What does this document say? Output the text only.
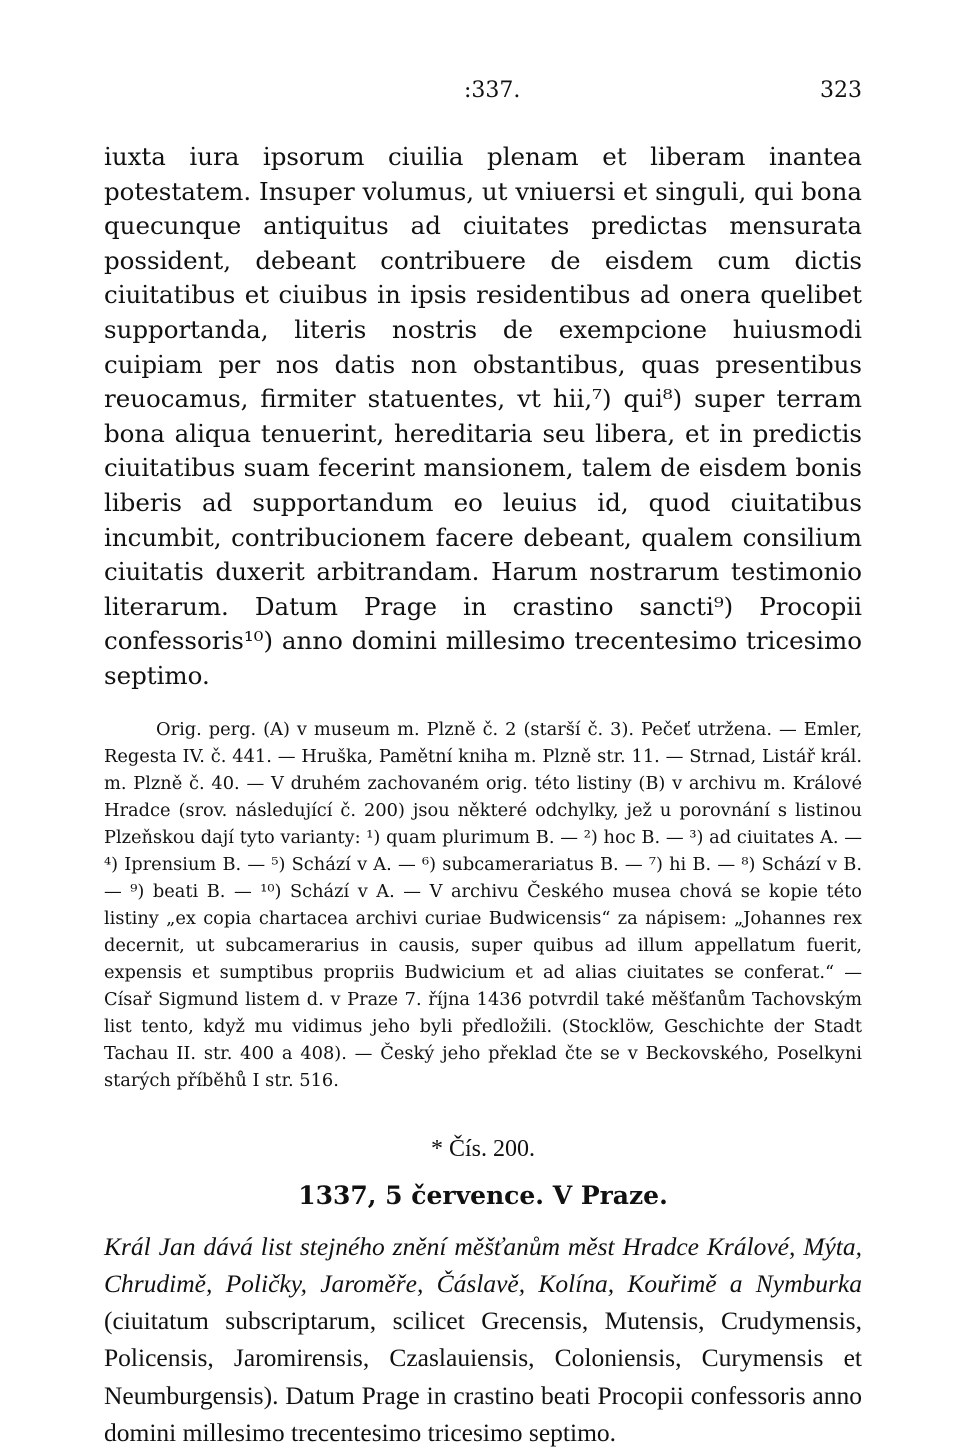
:337.	323

iuxta iura ipsorum ciuilia plenam et liberam inantea potestatem. Insuper volumus, ut vniuersi et singuli, qui bona quecunque antiquitus ad ciuitates predictas mensurata possident, debeant contribuere de eisdem cum dictis ciuitatibus et ciuibus in ipsis residentibus ad onera quelibet supportanda, literis nostris de exempcione huiusmodi cuipiam per nos datis non obstantibus, quas presentibus reuocamus, firmiter statuentes, vt hii,⁷) qui⁸) super terram bona aliqua tenuerint, hereditaria seu libera, et in predictis ciuitatibus suam fecerint mansionem, talem de eisdem bonis liberis ad supportandum eo leuius id, quod ciuitatibus incumbit, contribucionem facere debeant, qualem consilium ciuitatis duxerit arbitrandam. Harum nostrarum testimonio literarum. Datum Prage in crastino sancti⁹) Procopii confessoris¹⁰) anno domini millesimo trecentesimo tricesimo septimo.

Orig. perg. (A) v museum m. Plzně č. 2 (starší č. 3). Pečeť utržena. — Emler, Regesta IV. č. 441. — Hruška, Pamětní kniha m. Plzně str. 11. — Strnad, Listář král. m. Plzně č. 40. — V druhém zachovaném orig. této listiny (B) v archivu m. Králové Hradce (srov. následující č. 200) jsou některé odchylky, jež u porovnání s listinou Plzeňskou dají tyto varianty: ¹) quam plurimum B. — ²) hoc B. — ³) ad ciuitates A. — ⁴) Iprensium B. — ⁵) Schází v A. — ⁶) subcamerariatus B. — ⁷) hi B. — ⁸) Schází v B. — ⁹) beati B. — ¹⁰) Schází v A. — V archivu Českého musea chová se kopie této listiny „ex copia chartacea archivi curiae Budwicensis“ za nápisem: „Johannes rex decernit, ut subcamerarius in causis, super quibus ad illum appellatum fuerit, expensis et sumptibus propriis Budwicium et ad alias ciuitates se conferat.“ — Císař Sigmund listem d. v Praze 7. října 1436 potvrdil také měšťanům Tachovským list tento, když mu vidimus jeho byli předložili. (Stocklöw, Geschichte der Stadt Tachau II. str. 400 a 408). — Český jeho překlad čte se v Beckovského, Poselkyni starých příběhů I str. 516.

* Čís. 200.
1337, 5 července. V Praze.

Král Jan dává list stejného znění měšťanům měst Hradce Králové, Mýta, Chrudimě, Poličky, Jaroměře, Čáslavě, Kolína, Kouřimě a Nymburka (ciuitatum subscriptarum, scilicet Grecensis, Mutensis, Crudymensis, Policensis, Jaromirensis, Czaslauiensis, Coloniensis, Curymensis et Neumburgensis). Datum Prage in crastino beati Procopii confessoris anno domini millesimo trecentesimo tricesimo septimo.
